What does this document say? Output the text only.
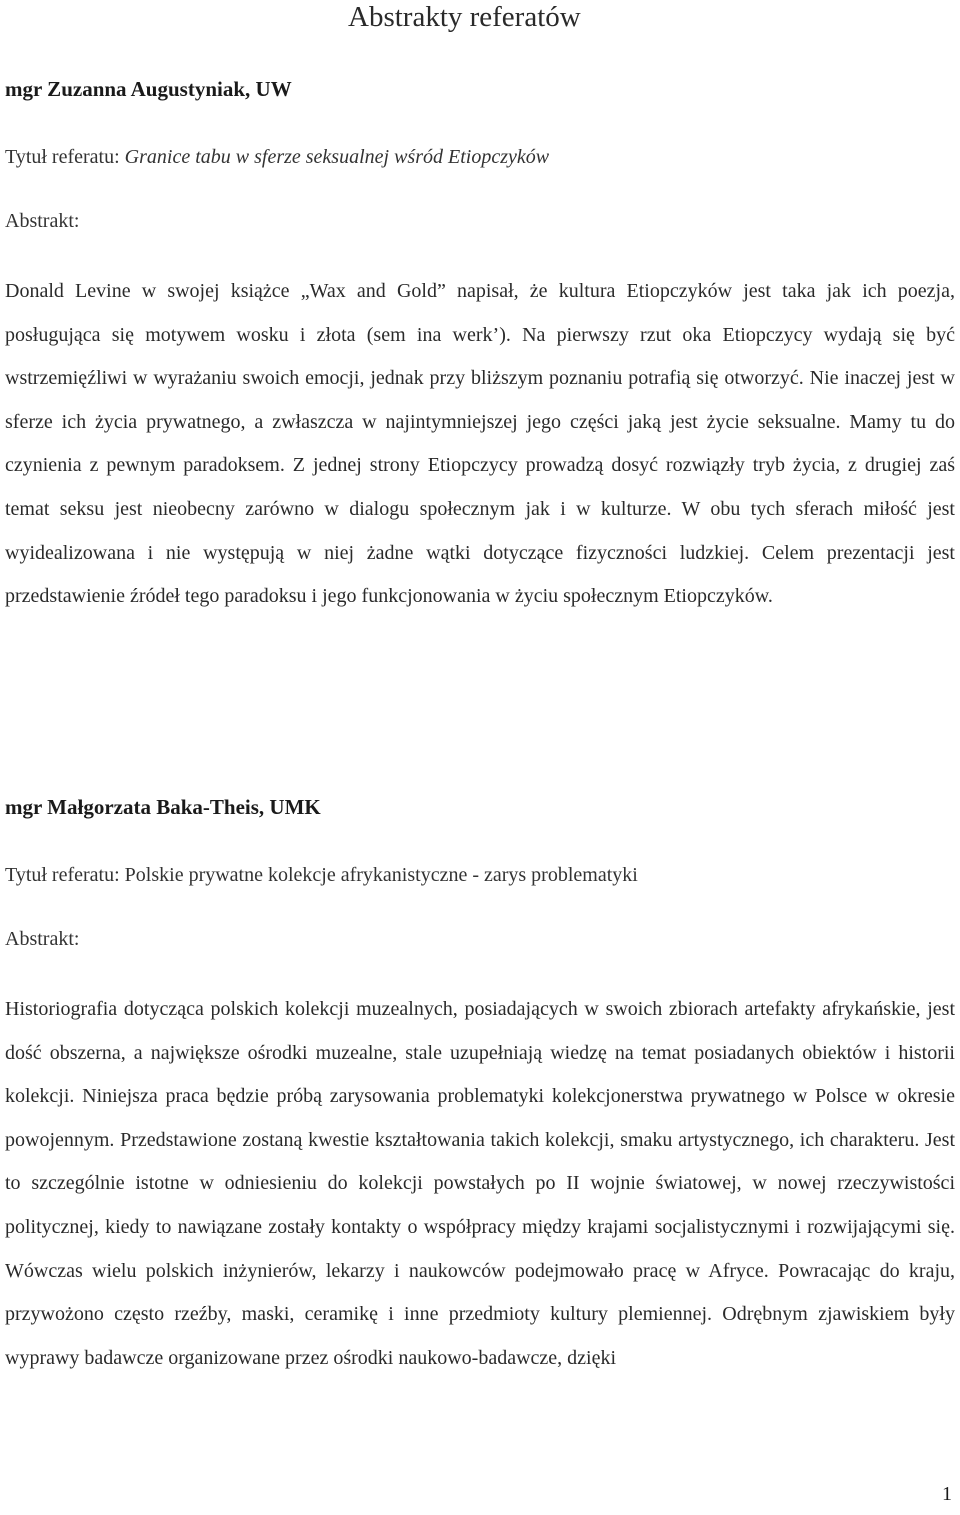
Abstrakty referatów
mgr Zuzanna Augustyniak, UW
Tytuł referatu: Granice tabu w sferze seksualnej wśród Etiopczyków
Abstrakt:
Donald Levine w swojej książce „Wax and Gold” napisał, że kultura Etiopczyków jest taka jak ich poezja, posługująca się motywem wosku i złota (sem ina werk’). Na pierwszy rzut oka Etiopczycy wydają się być wstrzemięźliwi w wyrażaniu swoich emocji, jednak przy bliższym poznaniu potrafią się otworzyć. Nie inaczej jest w sferze ich życia prywatnego, a zwłaszcza w najintymniejszej jego części jaką jest życie seksualne. Mamy tu do czynienia z pewnym paradoksem. Z jednej strony Etiopczycy prowadzą dosyć rozwiązły tryb życia, z drugiej zaś temat seksu jest nieobecny zarówno w dialogu społecznym jak i w kulturze. W obu tych sferach miłość jest wyidealizowana i nie występują w niej żadne wątki dotyczące fizyczności ludzkiej. Celem prezentacji jest przedstawienie źródeł tego paradoksu i jego funkcjonowania w życiu społecznym Etiopczyków.
mgr Małgorzata Baka-Theis, UMK
Tytuł referatu: Polskie prywatne kolekcje afrykanistyczne - zarys problematyki
Abstrakt:
Historiografia dotycząca polskich kolekcji muzealnych, posiadających w swoich zbiorach artefakty afrykańskie, jest dość obszerna, a największe ośrodki muzealne, stale uzupełniają wiedzę na temat posiadanych obiektów i historii kolekcji. Niniejsza praca będzie próbą zarysowania problematyki kolekcjonerstwa prywatnego w Polsce w okresie powojennym. Przedstawione zostaną kwestie kształtowania takich kolekcji, smaku artystycznego, ich charakteru. Jest to szczególnie istotne w odniesieniu do kolekcji powstałych po II wojnie światowej, w nowej rzeczywistości politycznej, kiedy to nawiązane zostały kontakty o współpracy między krajami socjalistycznymi i rozwijającymi się. Wówczas wielu polskich inżynierów, lekarzy i naukowców podejmowało pracę w Afryce. Powracając do kraju, przywożono często rzeźby, maski, ceramikę i inne przedmioty kultury plemiennej. Odrębnym zjawiskiem były wyprawy badawcze organizowane przez ośrodki naukowo-badawcze, dzięki
1
